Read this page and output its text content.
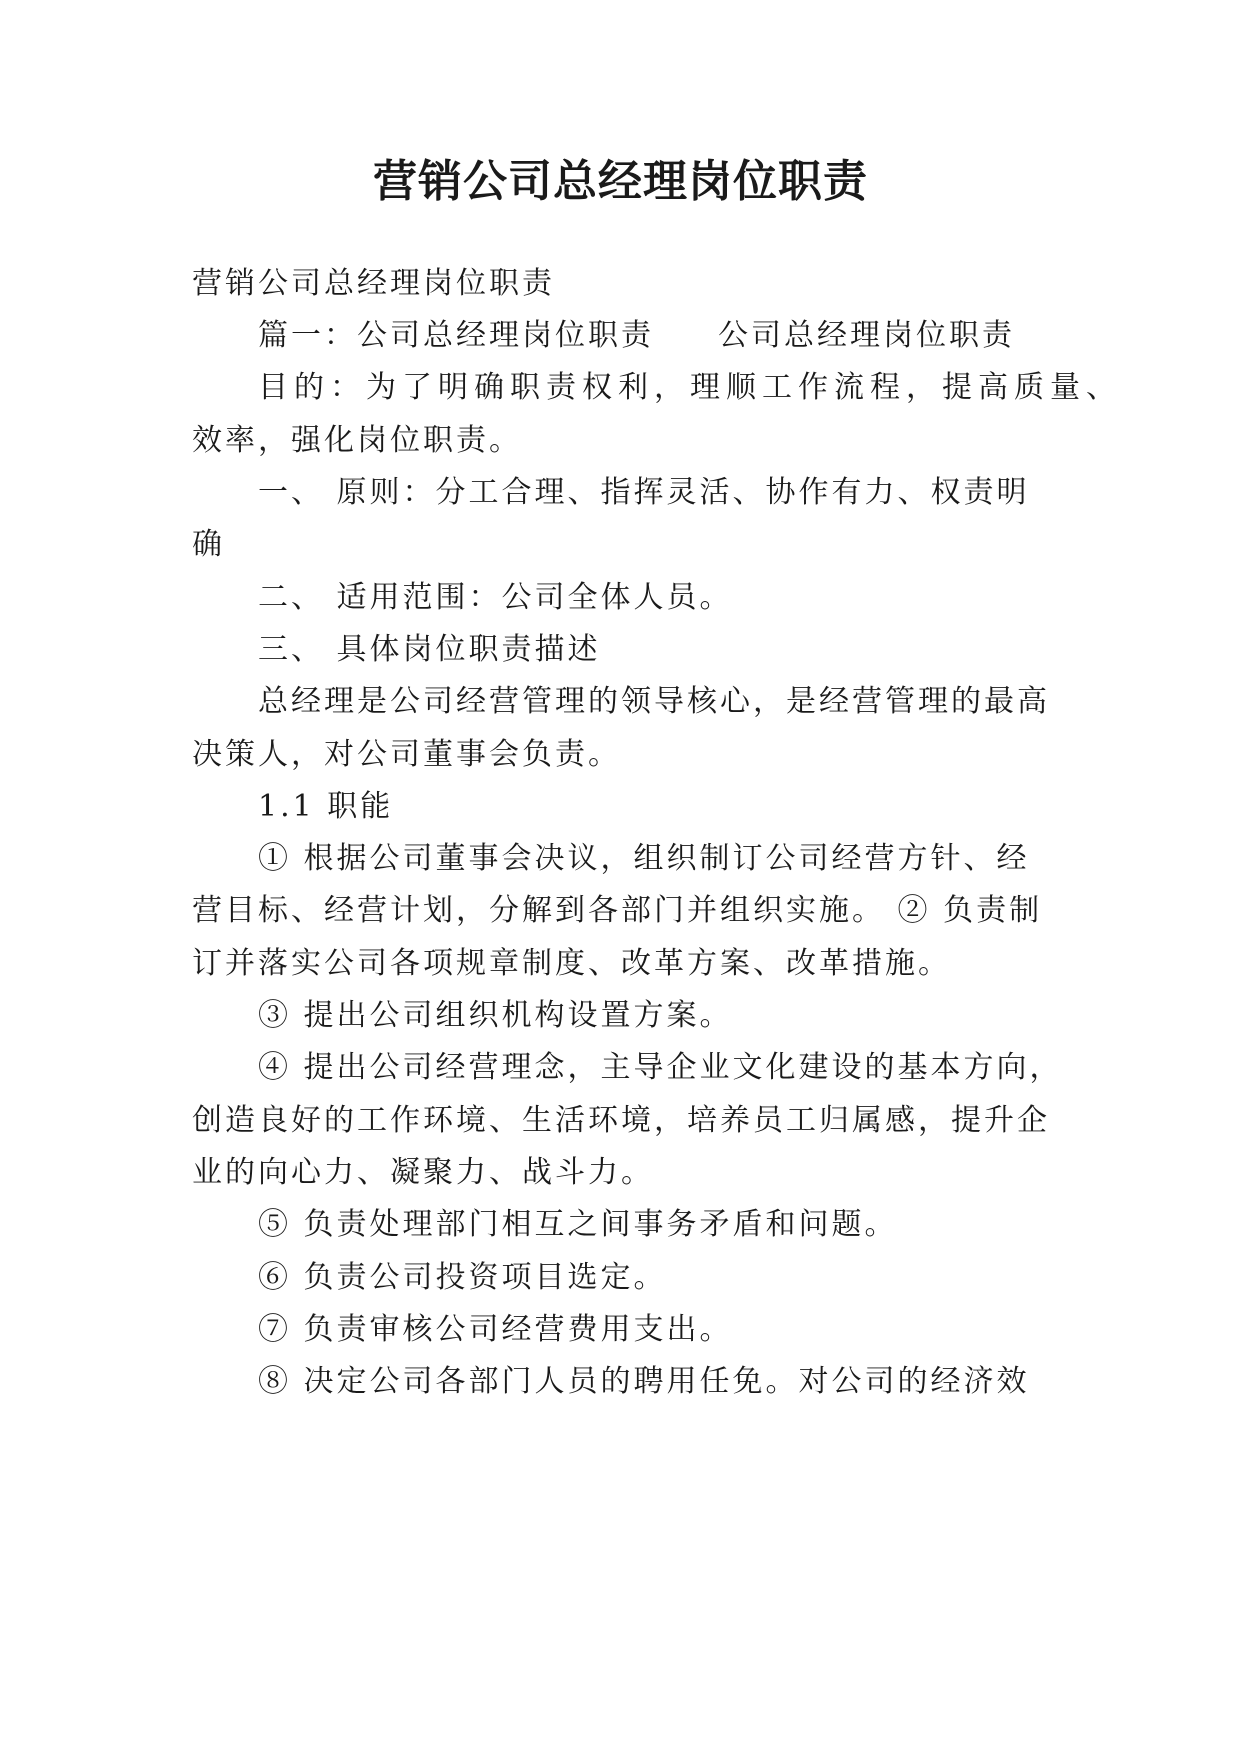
营销公司总经理岗位职责
营销公司总经理岗位职责
篇一：公司总经理岗位职责 公司总经理岗位职责
目的：为了明确职责权利，理顺工作流程，提高质量、
效率，强化岗位职责。
一、 原则：分工合理、指挥灵活、协作有力、权责明
确
二、 适用范围：公司全体人员。
三、 具体岗位职责描述
总经理是公司经营管理的领导核心，是经营管理的最高
决策人，对公司董事会负责。
1.1 职能
① 根据公司董事会决议，组织制订公司经营方针、经
营目标、经营计划，分解到各部门并组织实施。 ② 负责制
订并落实公司各项规章制度、改革方案、改革措施。
③ 提出公司组织机构设置方案。
④ 提出公司经营理念，主导企业文化建设的基本方向，
创造良好的工作环境、生活环境，培养员工归属感，提升企
业的向心力、凝聚力、战斗力。
⑤ 负责处理部门相互之间事务矛盾和问题。
⑥ 负责公司投资项目选定。
⑦ 负责审核公司经营费用支出。
⑧ 决定公司各部门人员的聘用任免。对公司的经济效
